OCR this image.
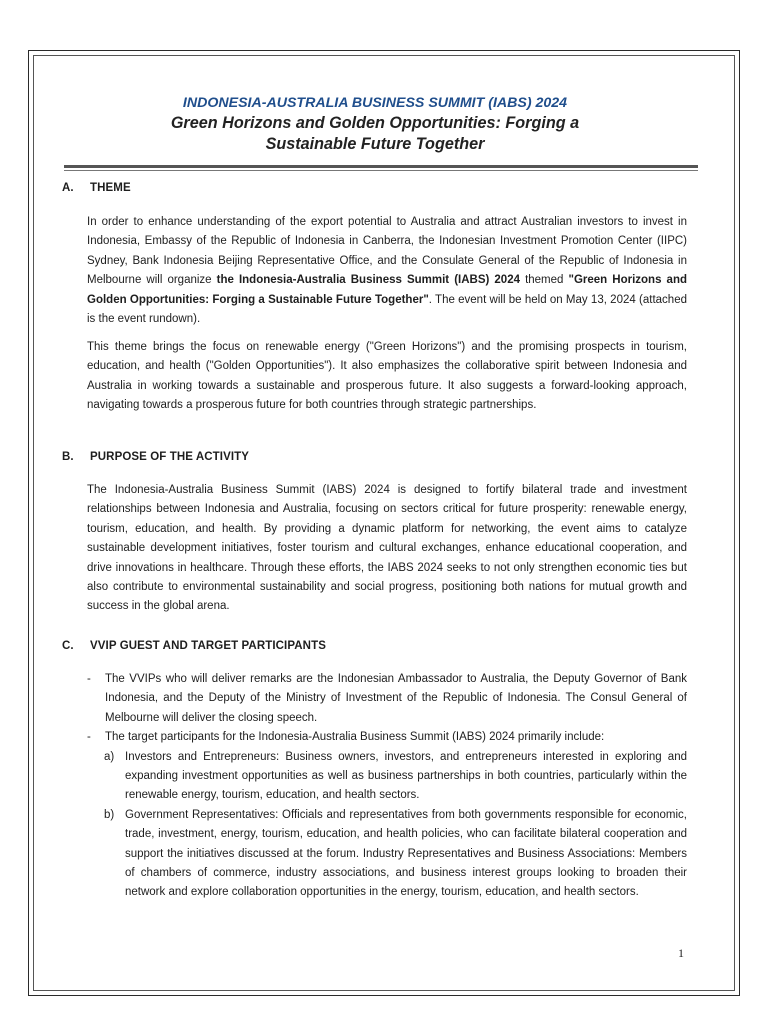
INDONESIA-AUSTRALIA BUSINESS SUMMIT (IABS) 2024
Green Horizons and Golden Opportunities: Forging a
Sustainable Future Together
A. THEME
In order to enhance understanding of the export potential to Australia and attract Australian investors to invest in Indonesia, Embassy of the Republic of Indonesia in Canberra, the Indonesian Investment Promotion Center (IIPC) Sydney, Bank Indonesia Beijing Representative Office, and the Consulate General of the Republic of Indonesia in Melbourne will organize the Indonesia-Australia Business Summit (IABS) 2024 themed "Green Horizons and Golden Opportunities: Forging a Sustainable Future Together". The event will be held on May 13, 2024 (attached is the event rundown).
This theme brings the focus on renewable energy ("Green Horizons") and the promising prospects in tourism, education, and health ("Golden Opportunities"). It also emphasizes the collaborative spirit between Indonesia and Australia in working towards a sustainable and prosperous future. It also suggests a forward-looking approach, navigating towards a prosperous future for both countries through strategic partnerships.
B. PURPOSE OF THE ACTIVITY
The Indonesia-Australia Business Summit (IABS) 2024 is designed to fortify bilateral trade and investment relationships between Indonesia and Australia, focusing on sectors critical for future prosperity: renewable energy, tourism, education, and health. By providing a dynamic platform for networking, the event aims to catalyze sustainable development initiatives, foster tourism and cultural exchanges, enhance educational cooperation, and drive innovations in healthcare. Through these efforts, the IABS 2024 seeks to not only strengthen economic ties but also contribute to environmental sustainability and social progress, positioning both nations for mutual growth and success in the global arena.
C. VVIP GUEST AND TARGET PARTICIPANTS
- The VVIPs who will deliver remarks are the Indonesian Ambassador to Australia, the Deputy Governor of Bank Indonesia, and the Deputy of the Ministry of Investment of the Republic of Indonesia. The Consul General of Melbourne will deliver the closing speech.
- The target participants for the Indonesia-Australia Business Summit (IABS) 2024 primarily include:
a) Investors and Entrepreneurs: Business owners, investors, and entrepreneurs interested in exploring and expanding investment opportunities as well as business partnerships in both countries, particularly within the renewable energy, tourism, education, and health sectors.
b) Government Representatives: Officials and representatives from both governments responsible for economic, trade, investment, energy, tourism, education, and health policies, who can facilitate bilateral cooperation and support the initiatives discussed at the forum. Industry Representatives and Business Associations: Members of chambers of commerce, industry associations, and business interest groups looking to broaden their network and explore collaboration opportunities in the energy, tourism, education, and health sectors.
1
